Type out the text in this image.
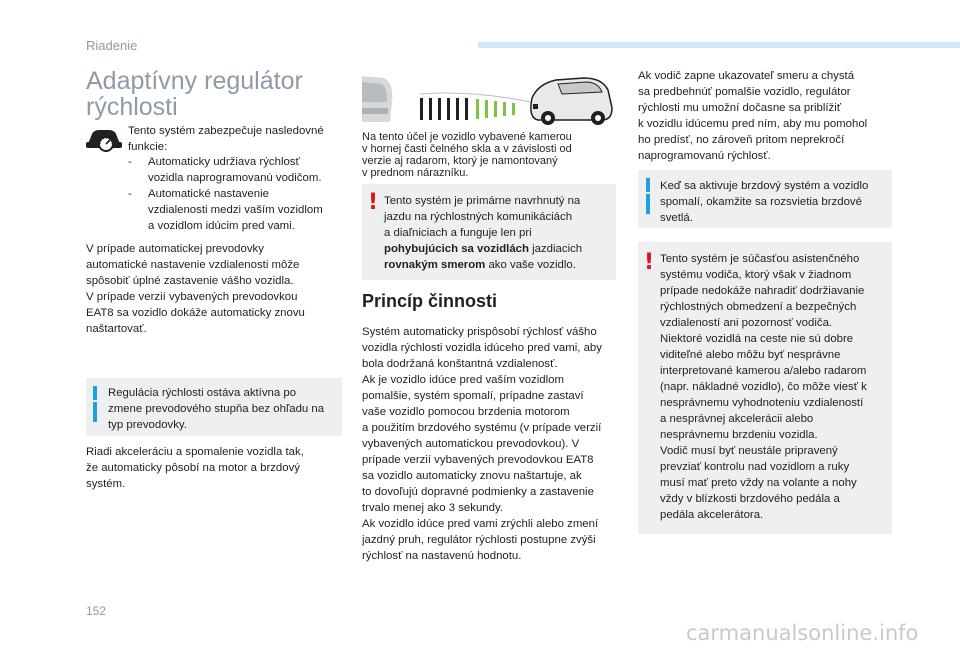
Riadenie
Adaptívny regulátor
rýchlosti
Tento systém zabezpečuje nasledovné
funkcie:
- Automaticky udržiava rýchlosť
vozidla naprogramovanú vodičom.
- Automatické nastavenie
vzdialenosti medzi vaším vozidlom
a vozidlom idúcim pred vami.
V prípade automatickej prevodovky
automatické nastavenie vzdialenosti môže
spôsobiť úplné zastavenie vášho vozidla.
V prípade verzií vybavených prevodovkou
EAT8 sa vozidlo dokáže automaticky znovu
naštartovať.
Regulácia rýchlosti ostáva aktívna po
zmene prevodového stupňa bez ohľadu na
typ prevodovky.
Riadi akceleráciu a spomalenie vozidla tak,
že automaticky pôsobí na motor a brzdový
systém.
Na tento účel je vozidlo vybavené kamerou
v hornej časti čelného skla a v závislosti od
verzie aj radarom, ktorý je namontovaný
v prednom nárazníku.
! Tento systém je primárne navrhnutý na
jazdu na rýchlostných komunikáciách
a diaľniciach a funguje len pri
pohybujúcich sa vozidlách jazdiacich
rovnakým smerom ako vaše vozidlo.
Princíp činnosti
Systém automaticky prispôsobí rýchlosť vášho
vozidla rýchlosti vozidla idúceho pred vami, aby
bola dodržaná konštantná vzdialenosť.
Ak je vozidlo idúce pred vaším vozidlom
pomalšie, systém spomalí, prípadne zastaví
vaše vozidlo pomocou brzdenia motorom
a použitím brzdového systému (v prípade verzií
vybavených automatickou prevodovkou). V
prípade verzií vybavených prevodovkou EAT8
sa vozidlo automaticky znovu naštartuje, ak
to dovoľujú dopravné podmienky a zastavenie
trvalo menej ako 3 sekundy.
Ak vozidlo idúce pred vami zrýchli alebo zmení
jazdný pruh, regulátor rýchlosti postupne zvýši
rýchlosť na nastavenú hodnotu.
Ak vodič zapne ukazovateľ smeru a chystá
sa predbehnúť pomalšie vozidlo, regulátor
rýchlosti mu umožní dočasne sa priblížiť
k vozidlu idúcemu pred ním, aby mu pomohol
ho predísť, no zároveň pritom neprekročí
naprogramovanú rýchlosť.
Keď sa aktivuje brzdový systém a vozidlo
spomalí, okamžite sa rozsvietia brzdové
svetlá.
! Tento systém je súčasťou asistenčného
systému vodiča, ktorý však v žiadnom
prípade nedokáže nahradiť dodržiavanie
rýchlostných obmedzení a bezpečných
vzdialeností ani pozornosť vodiča.
Niektoré vozidlá na ceste nie sú dobre
viditeľné alebo môžu byť nesprávne
interpretované kamerou a/alebo radarom
(napr. nákladné vozidlo), čo môže viesť k
nesprávnemu vyhodnoteniu vzdialeností
a nesprávnej akcelerácii alebo
nesprávnemu brzdeniu vozidla.
Vodič musí byť neustále pripravený
prevziať kontrolu nad vozidlom a ruky
musí mať preto vždy na volante a nohy
vždy v blízkosti brzdového pedála a
pedála akcelerátora.
152
carmanualsonline.info
